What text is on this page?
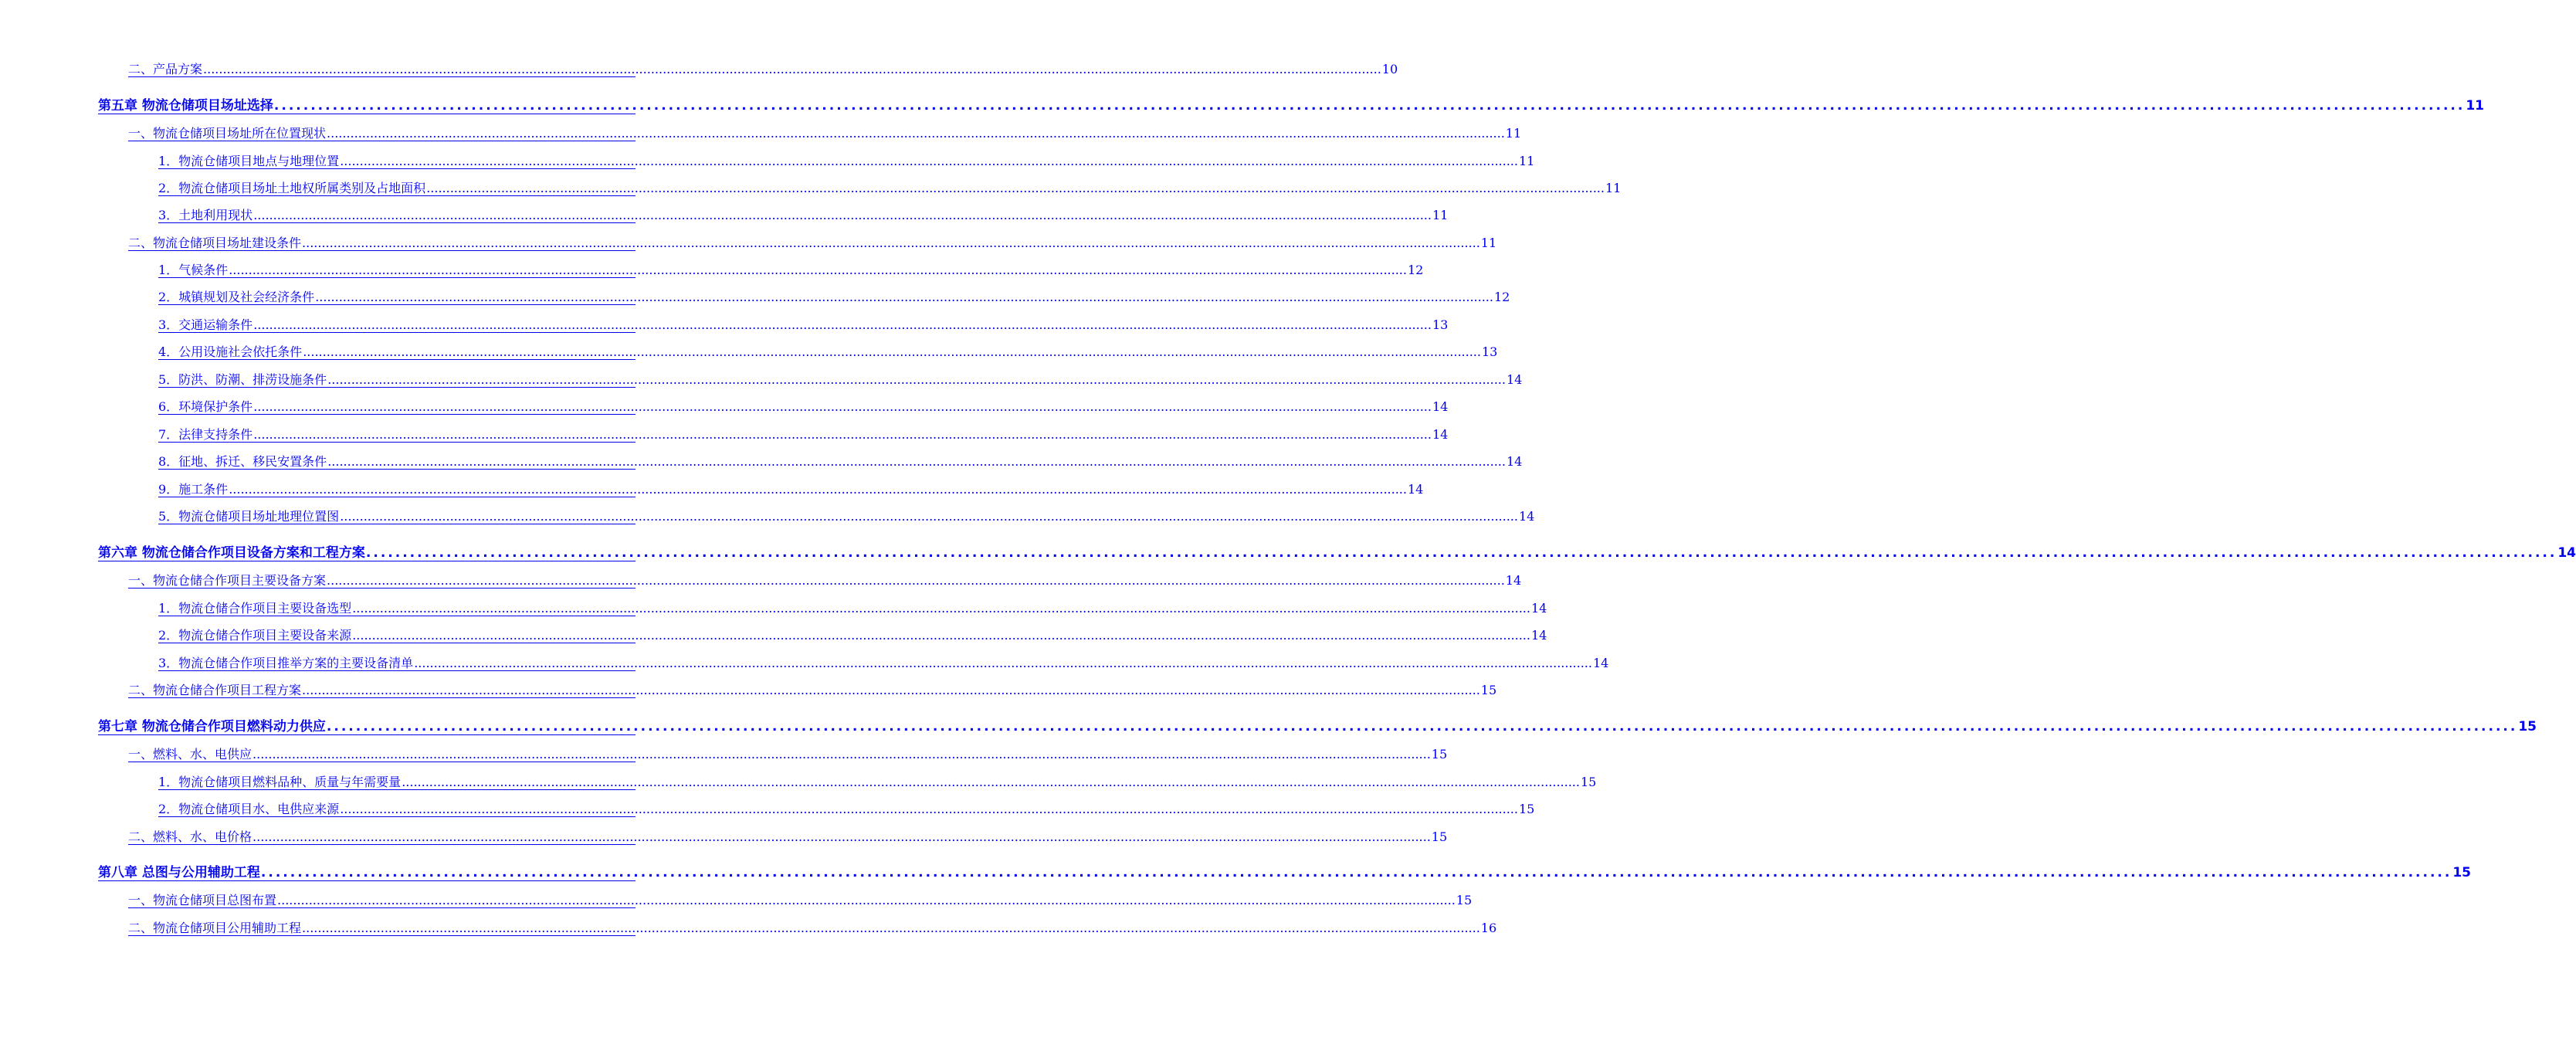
二、产品方案 ............................................................................................................................................................................................................................................................................................................ 10
第五章 物流仓储项目场址选择 ............................................................................................................................................................................................................................................................................................................ 11
一、物流仓储项目场址所在位置现状 ............................................................................................................................................................................................................................................................................................................ 11
1．物流仓储项目地点与地理位置 ............................................................................................................................................................................................................................................................................................................ 11
2．物流仓储项目场址土地权所属类别及占地面积 ............................................................................................................................................................................................................................................................................................................ 11
3．土地利用现状 ............................................................................................................................................................................................................................................................................................................ 11
二、物流仓储项目场址建设条件 ............................................................................................................................................................................................................................................................................................................ 11
1．气候条件 ............................................................................................................................................................................................................................................................................................................ 12
2．城镇规划及社会经济条件 ............................................................................................................................................................................................................................................................................................................ 12
3．交通运输条件 ............................................................................................................................................................................................................................................................................................................ 13
4．公用设施社会依托条件 ............................................................................................................................................................................................................................................................................................................ 13
5．防洪、防潮、排涝设施条件 ............................................................................................................................................................................................................................................................................................................ 14
6．环境保护条件 ............................................................................................................................................................................................................................................................................................................ 14
7．法律支持条件 ............................................................................................................................................................................................................................................................................................................ 14
8．征地、拆迁、移民安置条件 ............................................................................................................................................................................................................................................................................................................ 14
9．施工条件 ............................................................................................................................................................................................................................................................................................................ 14
5．物流仓储项目场址地理位置图 ............................................................................................................................................................................................................................................................................................................ 14
第六章 物流仓储合作项目设备方案和工程方案 ............................................................................................................................................................................................................................................................................................................ 14
一、物流仓储合作项目主要设备方案 ............................................................................................................................................................................................................................................................................................................ 14
1．物流仓储合作项目主要设备选型 ............................................................................................................................................................................................................................................................................................................ 14
2．物流仓储合作项目主要设备来源 ............................................................................................................................................................................................................................................................................................................ 14
3．物流仓储合作项目推举方案的主要设备清单 ............................................................................................................................................................................................................................................................................................................ 14
二、物流仓储合作项目工程方案 ............................................................................................................................................................................................................................................................................................................ 15
第七章 物流仓储合作项目燃料动力供应 ............................................................................................................................................................................................................................................................................................................ 15
一、燃料、水、电供应 ............................................................................................................................................................................................................................................................................................................ 15
1．物流仓储项目燃料品种、质量与年需要量 ............................................................................................................................................................................................................................................................................................................ 15
2．物流仓储项目水、电供应来源 ............................................................................................................................................................................................................................................................................................................ 15
二、燃料、水、电价格 ............................................................................................................................................................................................................................................................................................................ 15
第八章 总图与公用辅助工程 ............................................................................................................................................................................................................................................................................................................ 15
一、物流仓储项目总图布置 ............................................................................................................................................................................................................................................................................................................ 15
二、物流仓储项目公用辅助工程 ............................................................................................................................................................................................................................................................................................................ 16
